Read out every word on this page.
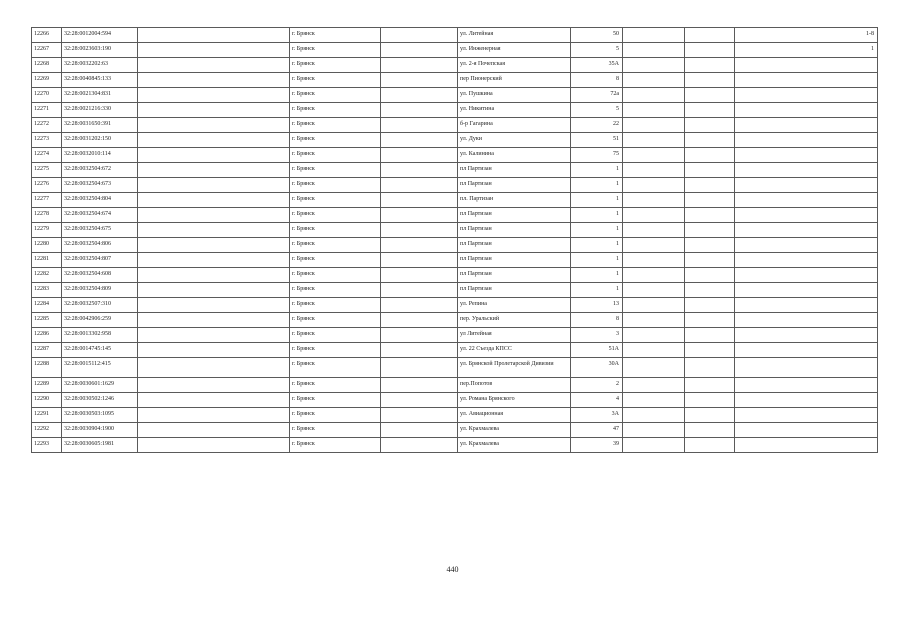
12266	32:28:0012004:594		г. Брянск		ул. Литейная	50			1-8
12267	32:28:0023603:190		г. Брянск		ул. Инженерная	5			1
12268	32:28:0032202:63		г. Брянск		ул. 2-я Почепская	35А			
12269	32:28:0040845:133		г. Брянск		пер Пионерский	8			
12270	32:28:0021304:831		г. Брянск		ул. Пушкина	72а			
12271	32:28:0021216:330		г. Брянск		ул. Никитина	5			
12272	32:28:0031650:391		г. Брянск		б-р Гагарина	22			
12273	32:28:0031202:150		г. Брянск		ул. Дуки	51			
12274	32:28:0032010:114		г. Брянск		ул. Калинина	75			
12275	32:28:0032504:672		г. Брянск		пл Партизан	1			
12276	32:28:0032504:673		г. Брянск		пл Партизан	1			
12277	32:28:0032504:804		г. Брянск		пл. Партизан	1			
12278	32:28:0032504:674		г. Брянск		пл Партизан	1			
12279	32:28:0032504:675		г. Брянск		пл Партизан	1			
12280	32:28:0032504:806		г. Брянск		пл Партизан	1			
12281	32:28:0032504:807		г. Брянск		пл Партизан	1			
12282	32:28:0032504:608		г. Брянск		пл Партизан	1			
12283	32:28:0032504:809		г. Брянск		пл Партизан	1			
12284	32:28:0032507:310		г. Брянск		ул. Репина	13			
12285	32:28:0042906:259		г. Брянск		пер. Уральский	8			
12286	32:28:0013302:958		г. Брянск		ул Литейная	3			
12287	32:28:0014745:145		г. Брянск		ул. 22 Съезда КПСС	51А			
12288	32:28:0015112:415		г. Брянск		ул. Брянской Пролетарской Дивизии	30А			
12289	32:28:0030601:1629		г. Брянск		пер.Попотов	2			
12290	32:28:0030502:1246		г. Брянск		ул. Романа Брянского	4			
12291	32:28:0030503:1095		г. Брянск		ул. Авиационная	3А			
12292	32:28:0030904:1900		г. Брянск		ул. Крахмалева	47			
12293	32:28:0030605:1981		г. Брянск		ул. Крахмалева	39			
440
